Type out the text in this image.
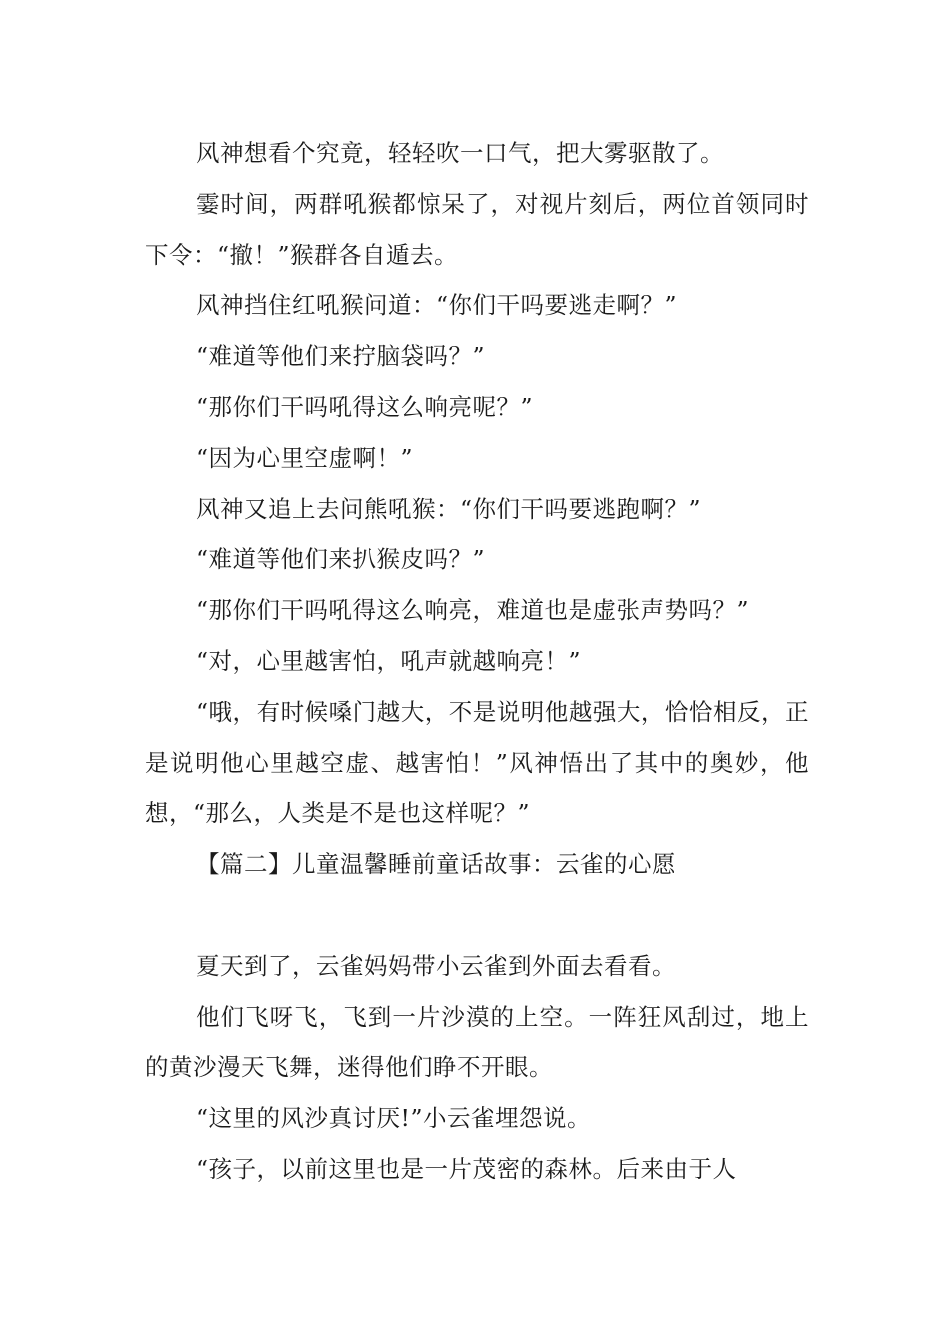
风神想看个究竟，轻轻吹一口气，把大雾驱散了。

霎时间，两群吼猴都惊呆了，对视片刻后，两位首领同时下令：“撤！”猴群各自遁去。

风神挡住红吼猴问道：“你们干吗要逃走啊？”

“难道等他们来拧脑袋吗？”

“那你们干吗吼得这么响亮呢？”

“因为心里空虚啊！”

风神又追上去问熊吼猴：“你们干吗要逃跑啊？”

“难道等他们来扒猴皮吗？”

“那你们干吗吼得这么响亮，难道也是虚张声势吗？”

“对，心里越害怕，吼声就越响亮！”

“哦，有时候嗓门越大，不是说明他越强大，恰恰相反，正是说明他心里越空虚、越害怕！”风神悟出了其中的奥妙，他想，“那么，人类是不是也这样呢？”

【篇二】儿童温馨睡前童话故事：云雀的心愿

夏天到了，云雀妈妈带小云雀到外面去看看。

他们飞呀飞，飞到一片沙漠的上空。一阵狂风刮过，地上的黄沙漫天飞舞，迷得他们睁不开眼。

“这里的风沙真讨厌!”小云雀埋怨说。

“孩子，以前这里也是一片茂密的森林。后来由于人
